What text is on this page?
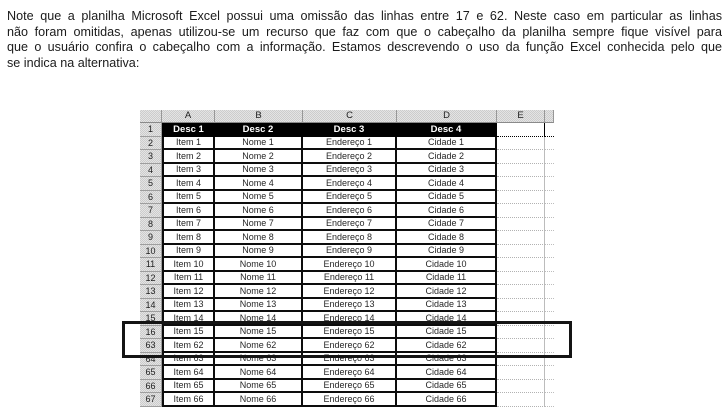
Note que a planilha Microsoft Excel possui uma omissão das linhas entre 17 e 62. Neste caso em particular as linhas
não foram omitidas, apenas utilizou-se um recurso que faz com que o cabeçalho da planilha sempre fique visível para
que o usuário confira o cabeçalho com a informação. Estamos descrevendo o uso da função Excel conhecida pelo que
se indica na alternativa:
A	B	C	D	E
1	Desc 1	Desc 2	Desc 3	Desc 4
2	Item 1	Nome 1	Endereço 1	Cidade 1
3	Item 2	Nome 2	Endereço 2	Cidade 2
4	Item 3	Nome 3	Endereço 3	Cidade 3
5	Item 4	Nome 4	Endereço 4	Cidade 4
6	Item 5	Nome 5	Endereço 5	Cidade 5
7	Item 6	Nome 6	Endereço 6	Cidade 6
8	Item 7	Nome 7	Endereço 7	Cidade 7
9	Item 8	Nome 8	Endereço 8	Cidade 8
10	Item 9	Nome 9	Endereço 9	Cidade 9
11	Item 10	Nome 10	Endereço 10	Cidade 10
12	Item 11	Nome 11	Endereço 11	Cidade 11
13	Item 12	Nome 12	Endereço 12	Cidade 12
14	Item 13	Nome 13	Endereço 13	Cidade 13
15	Item 14	Nome 14	Endereço 14	Cidade 14
16	Item 15	Nome 15	Endereço 15	Cidade 15
63	Item 62	Nome 62	Endereço 62	Cidade 62
64	Item 63	Nome 63	Endereço 63	Cidade 63
65	Item 64	Nome 64	Endereço 64	Cidade 64
66	Item 65	Nome 65	Endereço 65	Cidade 65
67	Item 66	Nome 66	Endereço 66	Cidade 66
